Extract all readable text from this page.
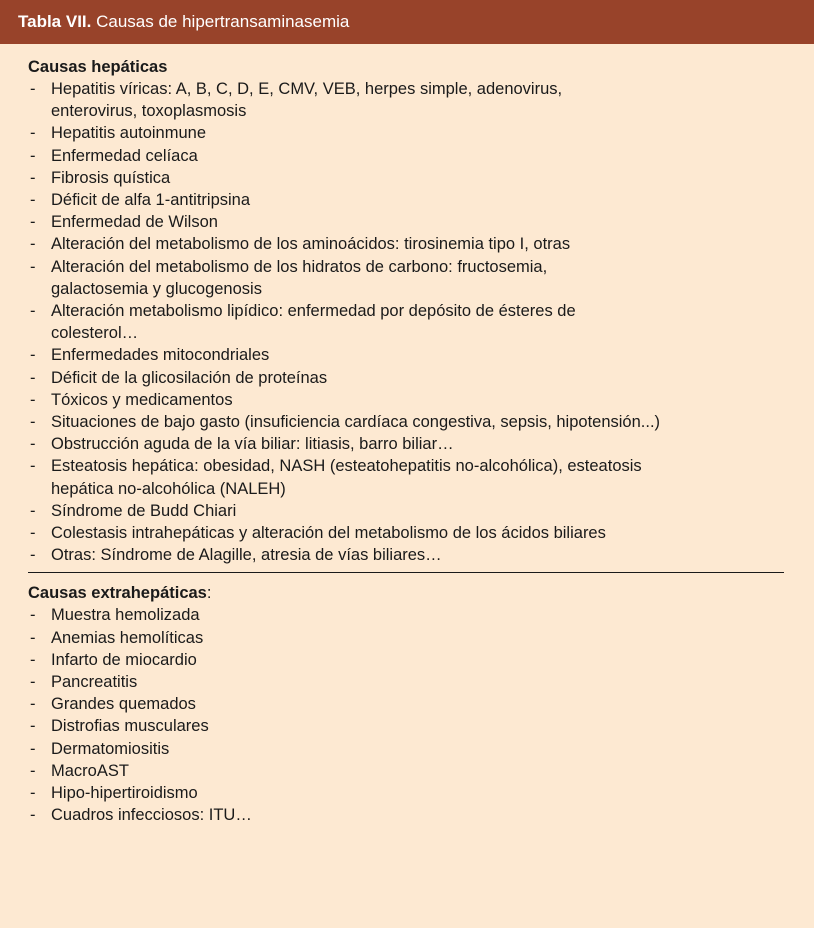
Tabla VII. Causas de hipertransaminasemia

Causas hepáticas

- Hepatitis víricas: A, B, C, D, E, CMV, VEB, herpes simple, adenovirus,
enterovirus, toxoplasmosis
- Hepatitis autoinmune
- Enfermedad celíaca
- Fibrosis quística
- Déficit de alfa 1-antitripsina
- Enfermedad de Wilson
- Alteración del metabolismo de los aminoácidos: tirosinemia tipo I, otras
- Alteración del metabolismo de los hidratos de carbono: fructosemia,
galactosemia y glucogenosis
- Alteración metabolismo lipídico: enfermedad por depósito de ésteres de
colesterol…
- Enfermedades mitocondriales
- Déficit de la glicosilación de proteínas
- Tóxicos y medicamentos
- Situaciones de bajo gasto (insuficiencia cardíaca congestiva, sepsis, hipotensión...)
- Obstrucción aguda de la vía biliar: litiasis, barro biliar…
- Esteatosis hepática: obesidad, NASH (esteatohepatitis no-alcohólica), esteatosis
hepática no-alcohólica (NALEH)
- Síndrome de Budd Chiari
- Colestasis intrahepáticas y alteración del metabolismo de los ácidos biliares
- Otras: Síndrome de Alagille, atresia de vías biliares…

Causas extrahepáticas:

- Muestra hemolizada
- Anemias hemolíticas
- Infarto de miocardio
- Pancreatitis
- Grandes quemados
- Distrofias musculares
- Dermatomiositis
- MacroAST
- Hipo-hipertiroidismo
- Cuadros infecciosos: ITU…
